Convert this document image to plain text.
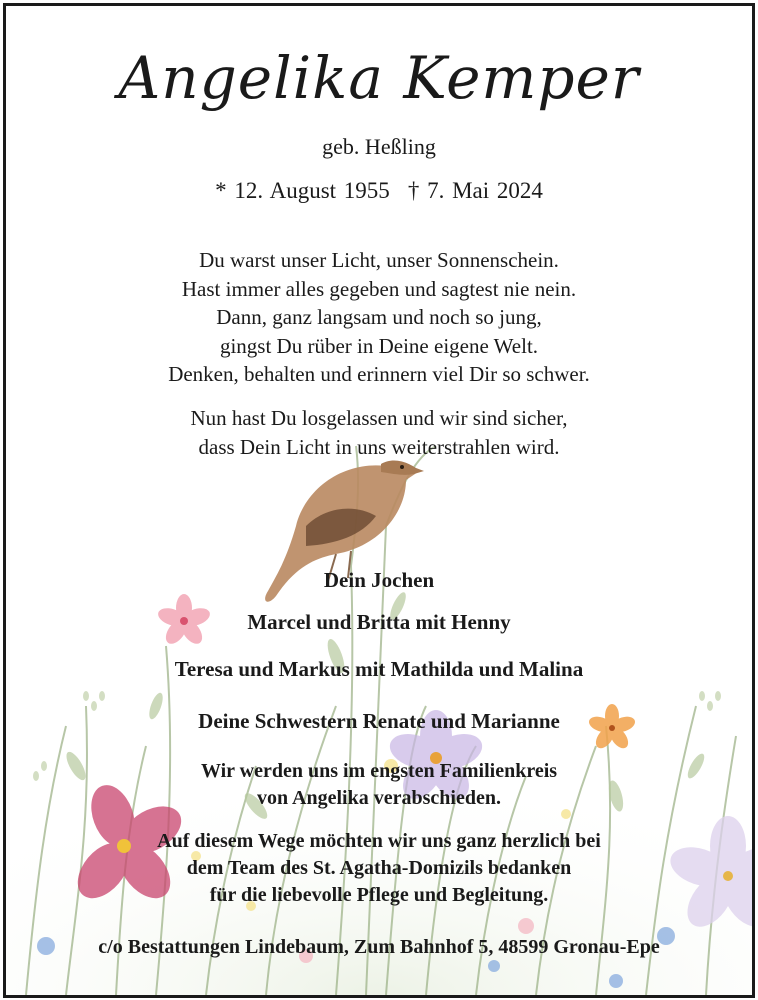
Angelika Kemper
geb. Heßling
* 12. August 1955 † 7. Mai 2024
Du warst unser Licht, unser Sonnenschein.
Hast immer alles gegeben und sagtest nie nein.
Dann, ganz langsam und noch so jung,
gingst Du rüber in Deine eigene Welt.
Denken, behalten und erinnern viel Dir so schwer.
Nun hast Du losgelassen und wir sind sicher,
dass Dein Licht in uns weiterstrahlen wird.
Dein Jochen
Marcel und Britta mit Henny
Teresa und Markus mit Mathilda und Malina
Deine Schwestern Renate und Marianne
Wir werden uns im engsten Familienkreis
von Angelika verabschieden.
Auf diesem Wege möchten wir uns ganz herzlich bei
dem Team des St. Agatha-Domizils bedanken
für die liebevolle Pflege und Begleitung.
c/o Bestattungen Lindebaum, Zum Bahnhof 5, 48599 Gronau-Epe
